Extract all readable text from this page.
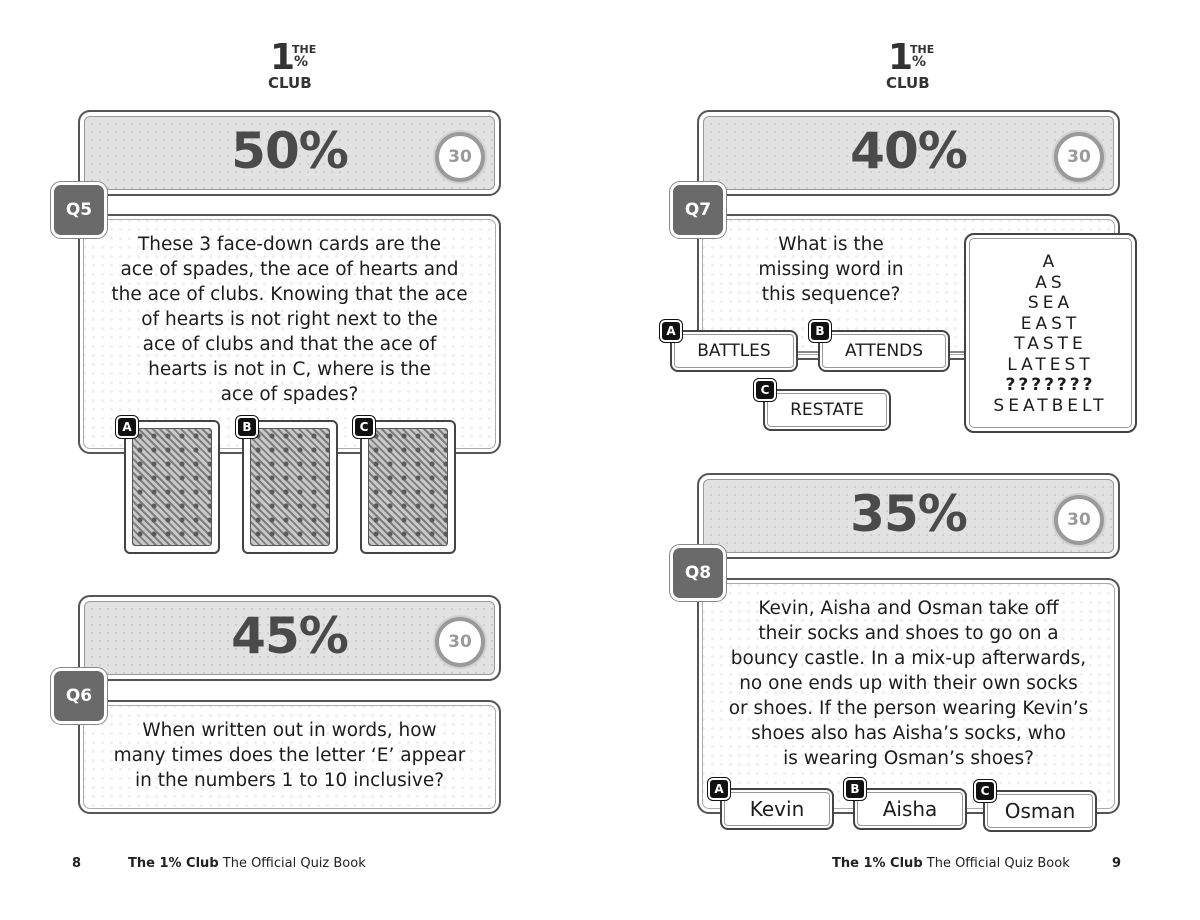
1
THE
%
CLUB
50%	30
These 3 face-down cards are the
ace of spades, the ace of hearts and
the ace of clubs. Knowing that the ace
of hearts is not right next to the
ace of clubs and that the ace of
hearts is not in C, where is the
ace of spades?
Q5
A	B	C
45%	30
When written out in words, how
many times does the letter ‘E’ appear
in the numbers 1 to 10 inclusive?
Q6
8	The 1% Club The Official Quiz Book
1
THE
%
CLUB
40%	30
What is the
missing word in
this sequence?
Q7
BATTLES
A
ATTENDS
B
RESTATE
C
A
AS
SEA
EAST
TASTE
LATEST
???????
SEATBELT
35%	30
Kevin, Aisha and Osman take off
their socks and shoes to go on a
bouncy castle. In a mix-up afterwards,
no one ends up with their own socks
or shoes. If the person wearing Kevin’s
shoes also has Aisha’s socks, who
is wearing Osman’s shoes?
Q8
Kevin
A
Aisha
B
Osman
C
The 1% Club The Official Quiz Book	9
